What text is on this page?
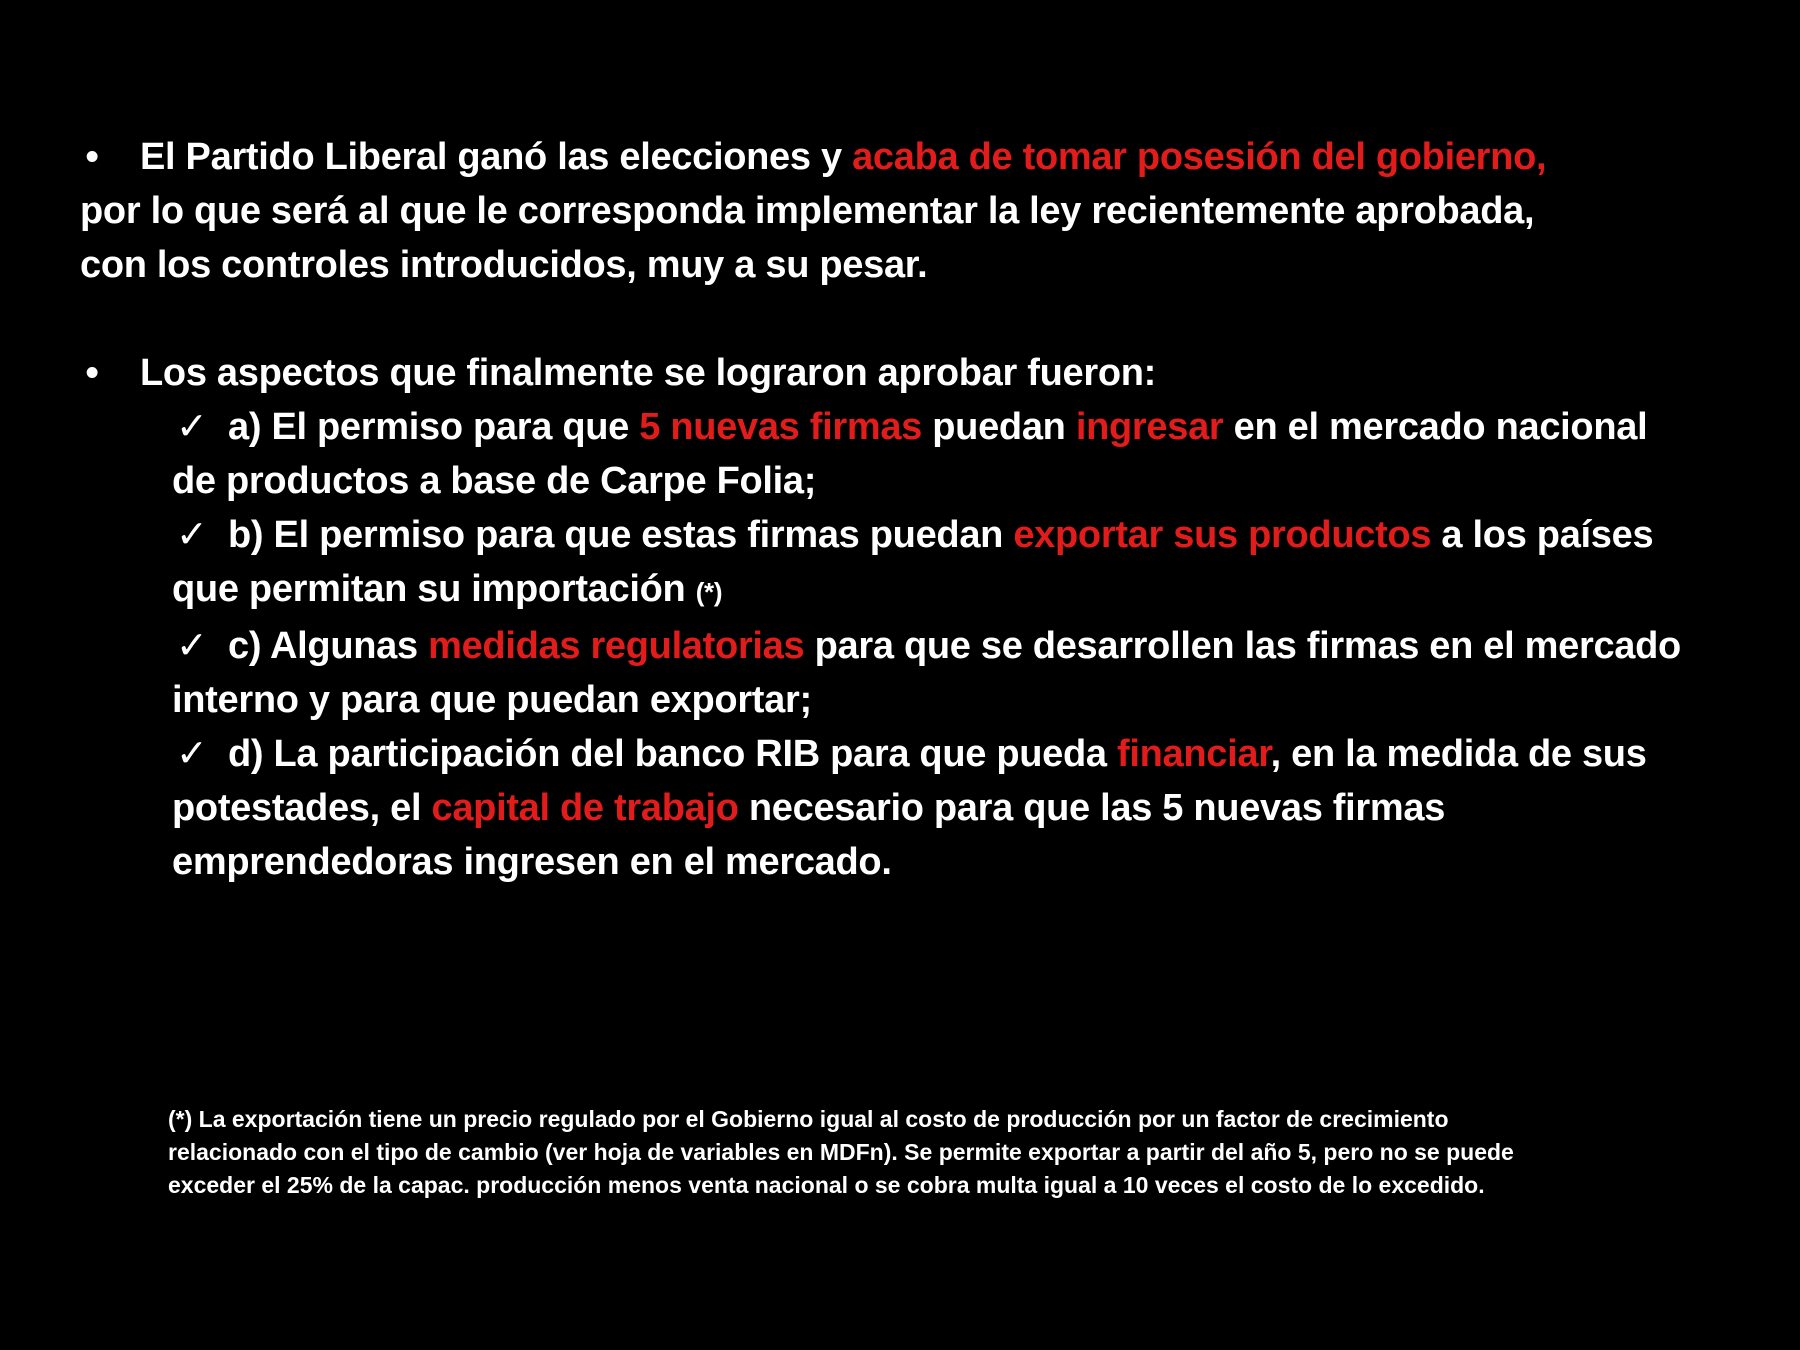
• El Partido Liberal ganó las elecciones y acaba de tomar posesión del gobierno,
por lo que será al que le corresponda implementar la ley recientemente aprobada,
con los controles introducidos, muy a su pesar.
• Los aspectos que finalmente se lograron aprobar fueron:
✓ a) El permiso para que 5 nuevas firmas puedan ingresar en el mercado nacional
de productos a base de Carpe Folia;
✓ b) El permiso para que estas firmas puedan exportar sus productos a los países
que permitan su importación (*)
✓ c) Algunas medidas regulatorias para que se desarrollen las firmas en el mercado
interno y para que puedan exportar;
✓ d) La participación del banco RIB para que pueda financiar, en la medida de sus
potestades, el capital de trabajo necesario para que las 5 nuevas firmas
emprendedoras ingresen en el mercado.
(*) La exportación tiene un precio regulado por el Gobierno igual al costo de producción por un factor de crecimiento
relacionado con el tipo de cambio (ver hoja de variables en MDFn). Se permite exportar a partir del año 5, pero no se puede
exceder el 25% de la capac. producción menos venta nacional o se cobra multa igual a 10 veces el costo de lo excedido.
